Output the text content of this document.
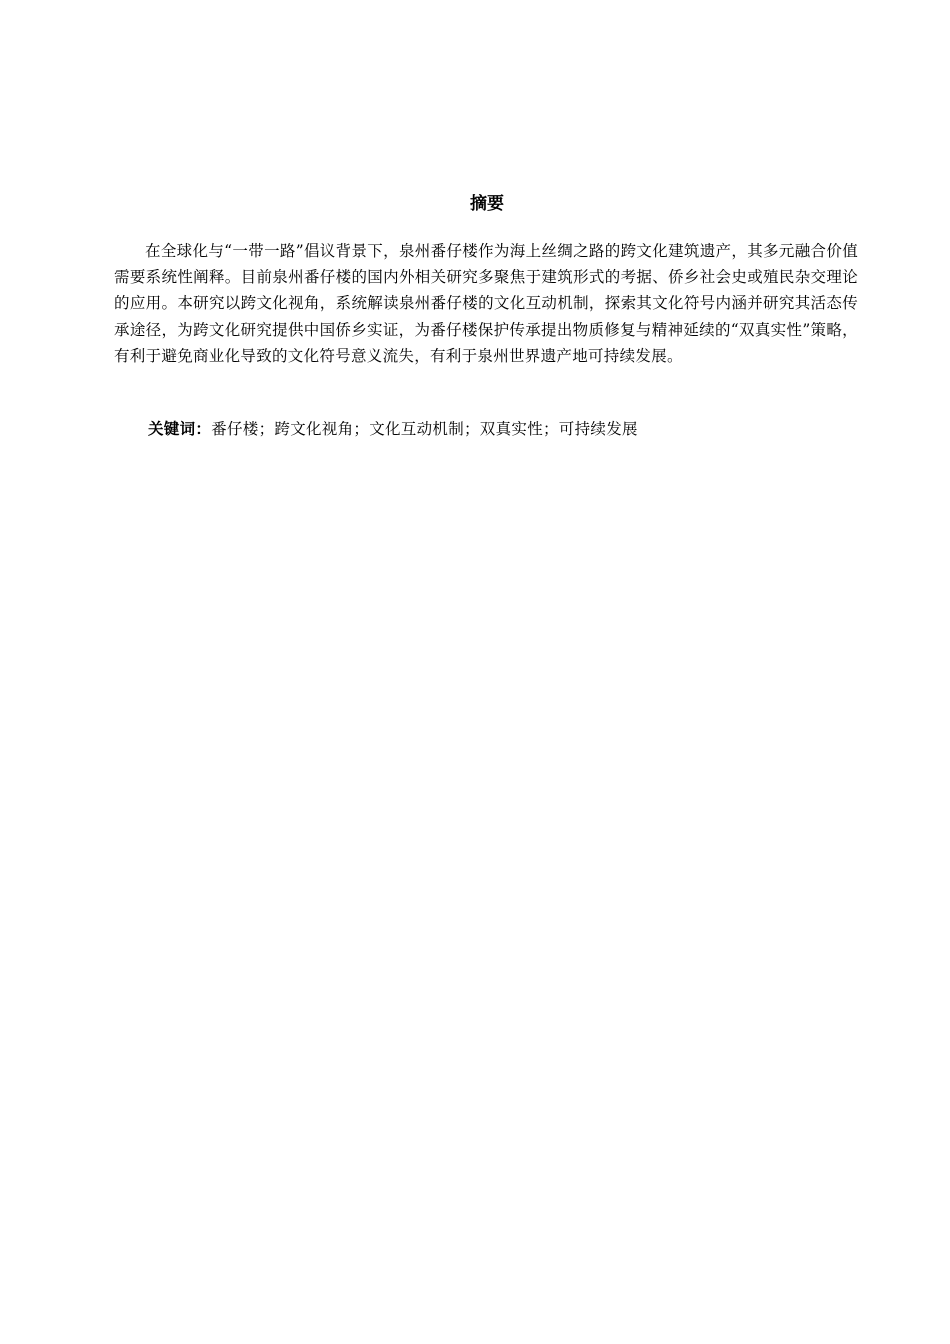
摘要

在全球化与“一带一路”倡议背景下，泉州番仔楼作为海上丝绸之路的跨文化建筑遗产，其多元融合价值需要系统性阐释。目前泉州番仔楼的国内外相关研究多聚焦于建筑形式的考据、侨乡社会史或殖民杂交理论的应用。本研究以跨文化视角，系统解读泉州番仔楼的文化互动机制，探索其文化符号内涵并研究其活态传承途径，为跨文化研究提供中国侨乡实证，为番仔楼保护传承提出物质修复与精神延续的“双真实性”策略，有利于避免商业化导致的文化符号意义流失，有利于泉州世界遗产地可持续发展。

关键词：番仔楼；跨文化视角；文化互动机制；双真实性；可持续发展
